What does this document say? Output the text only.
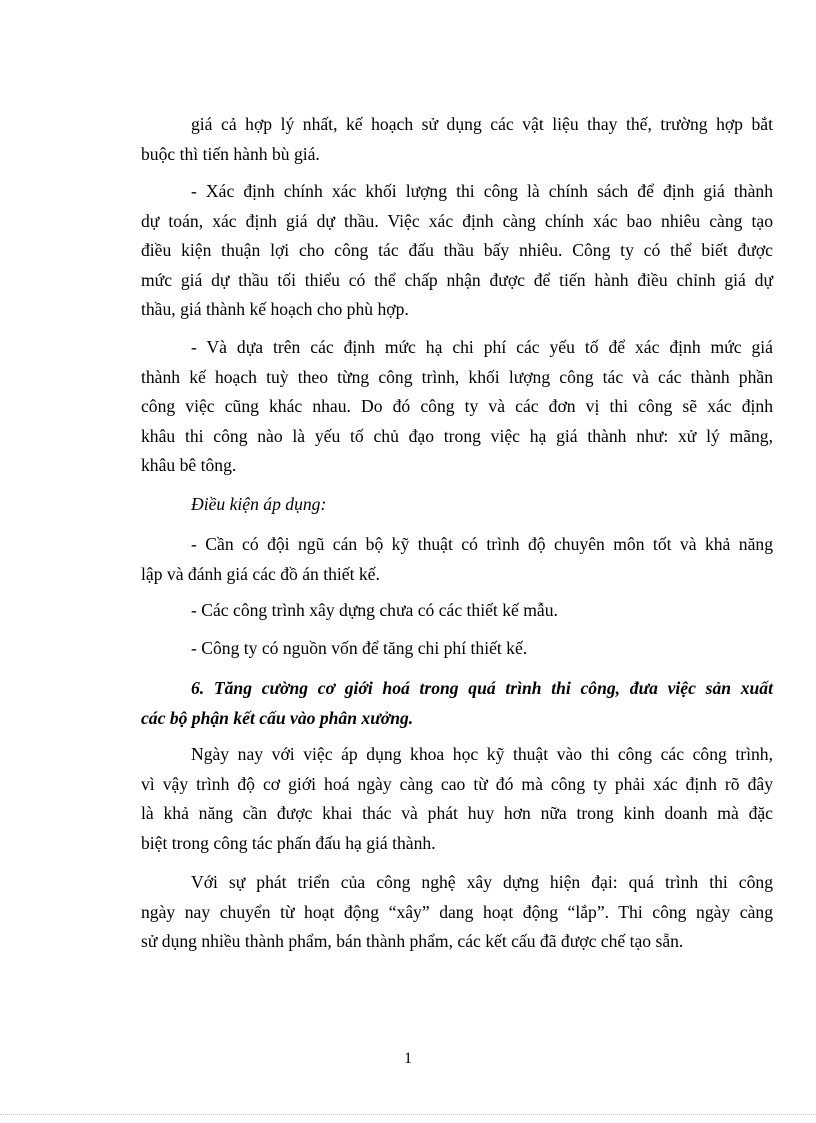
giá cả hợp lý nhất, kế hoạch sử dụng các vật liệu thay thế, trường hợp bắt
buộc thì tiến hành bù giá.

- Xác định chính xác khối lượng thi công là chính sách để định giá thành
dự toán, xác định giá dự thầu. Việc xác định càng chính xác bao nhiêu càng tạo
điều kiện thuận lợi cho công tác đấu thầu bấy nhiêu. Công ty có thể biết được
mức giá dự thầu tối thiểu có thể chấp nhận được để tiến hành điều chỉnh giá dự
thầu, giá thành kế hoạch cho phù hợp.

- Và dựa trên các định mức hạ chi phí các yếu tố để xác định mức giá
thành kế hoạch tuỳ theo từng công trình, khối lượng công tác và các thành phần
công việc cũng khác nhau. Do đó công ty và các đơn vị thi công sẽ xác định
khâu thi công nào là yếu tố chủ đạo trong việc hạ giá thành như: xử lý mãng,
khâu bê tông.

Điều kiện áp dụng:

- Cần có đội ngũ cán bộ kỹ thuật có trình độ chuyên môn tốt và khả năng
lập và đánh giá các đồ án thiết kế.

- Các công trình xây dựng chưa có các thiết kế mẫu.

- Công ty có nguồn vốn để tăng chi phí thiết kế.

6. Tăng cường cơ giới hoá trong quá trình thi công, đưa việc sản xuất
các bộ phận kết cấu vào phân xưởng.

Ngày nay với việc áp dụng khoa học kỹ thuật vào thi công các công trình,
vì vậy trình độ cơ giới hoá ngày càng cao từ đó mà công ty phải xác định rõ đây
là khả năng cần được khai thác và phát huy hơn nữa trong kinh doanh mà đặc
biệt trong công tác phấn đấu hạ giá thành.

Với sự phát triển của công nghệ xây dựng hiện đại: quá trình thi công
ngày nay chuyển từ hoạt động “xây” dang hoạt động “lắp”. Thi công ngày càng
sử dụng nhiều thành phẩm, bán thành phẩm, các kết cấu đã được chế tạo sẵn.

1
